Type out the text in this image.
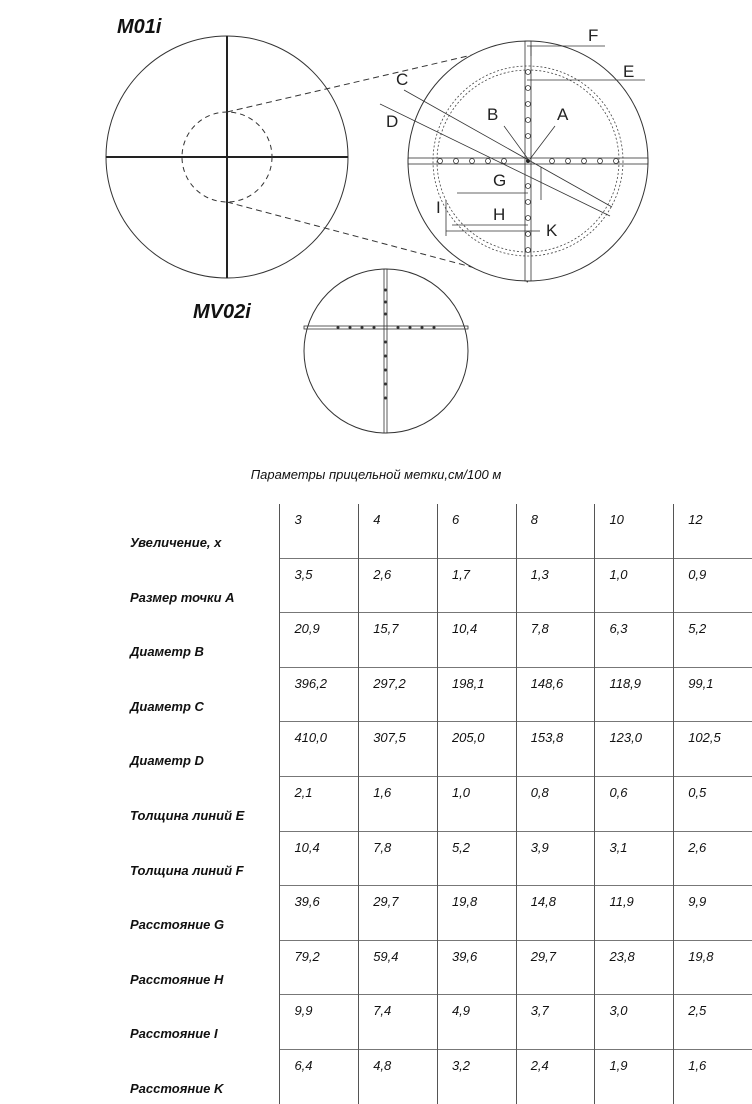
M01i
C
D	B	A
F
E
G
H
I
K
MV02i
Параметры прицельной метки,см/100 м
Увеличение, х	3	4	6	8	10	12
Размер точки A	3,5	2,6	1,7	1,3	1,0	0,9
Диаметр B	20,9	15,7	10,4	7,8	6,3	5,2
Диаметр C	396,2	297,2	198,1	148,6	118,9	99,1
Диаметр D	410,0	307,5	205,0	153,8	123,0	102,5
Толщина линий E	2,1	1,6	1,0	0,8	0,6	0,5
Толщина линий F	10,4	7,8	5,2	3,9	3,1	2,6
Расстояние G	39,6	29,7	19,8	14,8	11,9	9,9
Расстояние H	79,2	59,4	39,6	29,7	23,8	19,8
Расстояние I	9,9	7,4	4,9	3,7	3,0	2,5
Расстояние K	6,4	4,8	3,2	2,4	1,9	1,6
